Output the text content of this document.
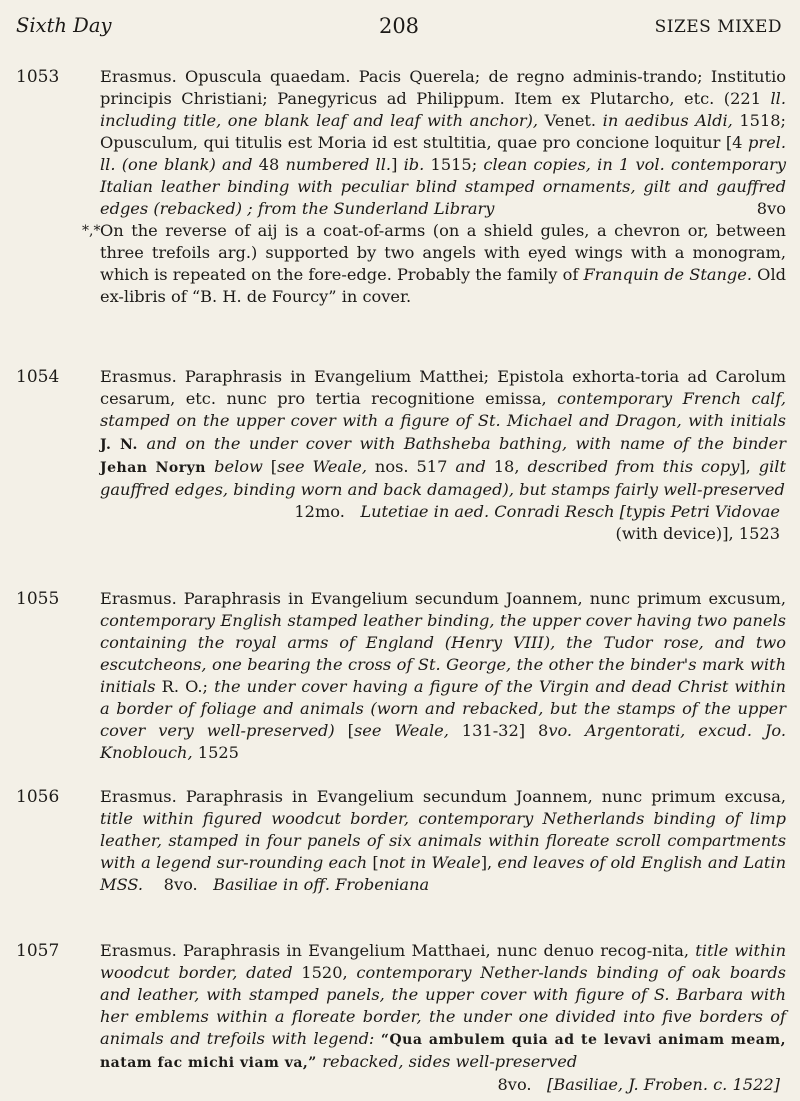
Sixth Day	208	SIZES MIXED
1053	Erasmus. Opuscula quaedam. Pacis Querela; de regno adminis-trando; Institutio principis Christiani; Panegyricus ad Philippum. Item ex Plutarcho, etc. (221 ll. including title, one blank leaf and leaf with anchor), Venet. in aedibus Aldi, 1518; Opusculum, qui titulis est Moria id est stultitia, quae pro concione loquitur [4 prel. ll. (one blank) and 48 numbered ll.] ib. 1515; clean copies, in 1 vol. contemporary Italian leather binding with peculiar blind stamped ornaments, gilt and gauffred edges (rebacked) ; from the Sunderland Library	8vo
*,* On the reverse of aij is a coat-of-arms (on a shield gules, a chevron or, between three trefoils arg.) supported by two angels with eyed wings with a monogram, which is repeated on the fore-edge. Probably the family of Franquin de Stange. Old ex-libris of “B. H. de Fourcy” in cover.
1054	Erasmus. Paraphrasis in Evangelium Matthei; Epistola exhorta-toria ad Carolum cesarum, etc. nunc pro tertia recognitione emissa, contemporary French calf, stamped on the upper cover with a figure of St. Michael and Dragon, with initials J. N. and on the under cover with Bathsheba bathing, with name of the binder Jehan Noryn below [see Weale, nos. 517 and 18, described from this copy], gilt gauffred edges, binding worn and back damaged), but stamps fairly well-preserved
12mo. Lutetiae in aed. Conradi Resch [typis Petri Vidovae
(with device)], 1523
1055	Erasmus. Paraphrasis in Evangelium secundum Joannem, nunc primum excusum, contemporary English stamped leather binding, the upper cover having two panels containing the royal arms of England (Henry VIII), the Tudor rose, and two escutcheons, one bearing the cross of St. George, the other the binder's mark with initials R. O.; the under cover having a figure of the Virgin and dead Christ within a border of foliage and animals (worn and rebacked, but the stamps of the upper cover very well-preserved) [see Weale, 131-32] 8vo. Argentorati, excud. Jo. Knoblouch, 1525
1056	Erasmus. Paraphrasis in Evangelium secundum Joannem, nunc primum excusa, title within figured woodcut border, contemporary Netherlands binding of limp leather, stamped in four panels of six animals within floreate scroll compartments with a legend sur-rounding each [not in Weale], end leaves of old English and Latin MSS. 8vo. Basiliae in off. Frobeniana
1057	Erasmus. Paraphrasis in Evangelium Matthaei, nunc denuo recog-nita, title within woodcut border, dated 1520, contemporary Nether-lands binding of oak boards and leather, with stamped panels, the upper cover with figure of S. Barbara with her emblems within a floreate border, the under one divided into five borders of animals and trefoils with legend: “Qua ambulem quia ad te levavi animam meam, natam fac michi viam va,” rebacked, sides well-preserved
8vo. [Basiliae, J. Froben. c. 1522]
